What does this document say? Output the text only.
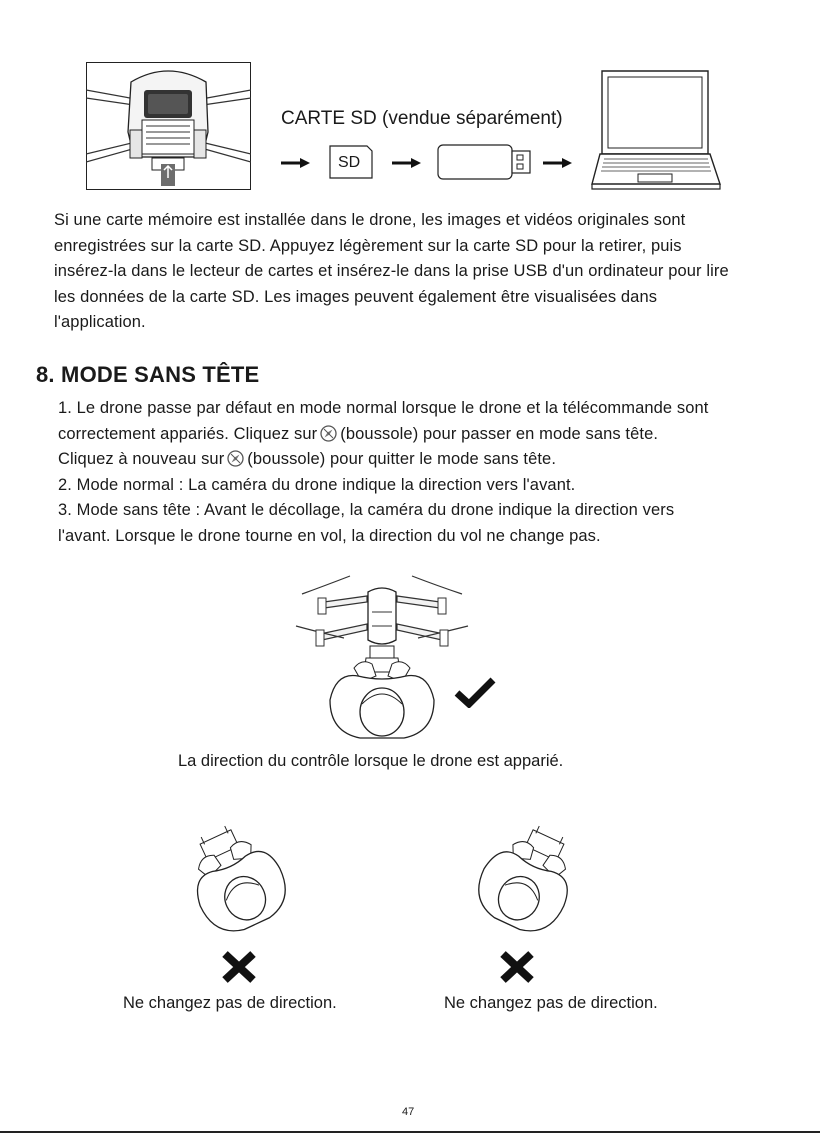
CARTE SD (vendue séparément)
SD

Si une carte mémoire est installée dans le drone, les images et vidéos originales sont

enregistrées sur la carte SD. Appuyez légèrement sur la carte SD pour la retirer, puis

insérez-la dans le lecteur de cartes et insérez-le dans la prise USB d'un ordinateur pour lire

les données de la carte SD. Les images peuvent également être visualisées dans

l'application.

8. MODE SANS TÊTE

1. Le drone passe par défaut en mode normal lorsque le drone et la télécommande sont

correctement appariés. Cliquez sur (boussole) pour passer en mode sans tête.

Cliquez à nouveau sur (boussole) pour quitter le mode sans tête.

2. Mode normal : La caméra du drone indique la direction vers l'avant.

3. Mode sans tête : Avant le décollage, la caméra du drone indique la direction vers

l'avant. Lorsque le drone tourne en vol, la direction du vol ne change pas.

La direction du contrôle lorsque le drone est apparié.
Ne changez pas de direction.	Ne changez pas de direction.
47
